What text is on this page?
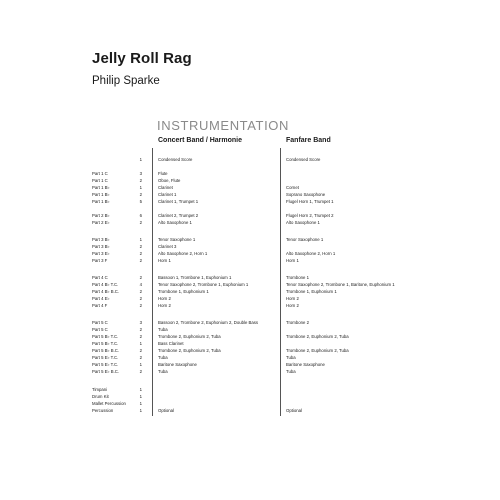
Jelly Roll Rag
Philip Sparke
INSTRUMENTATION
Concert Band / Harmonie	Fanfare Band
1	Condensed Score	Condensed Score
Part 1 C	3	Flute
Part 1 C	2	Oboe, Flute
Part 1 B♭	1	Clarinet	Cornet
Part 1 B♭	2	Clarinet 1	Soprano Saxophone
Part 1 B♭	5	Clarinet 1, Trumpet 1	Flugel Horn 1, Trumpet 1
Part 2 B♭	6	Clarinet 2, Trumpet 2	Flugel Horn 2, Trumpet 2
Part 2 E♭	2	Alto Saxophone 1	Alto Saxophone 1
Part 3 B♭	1	Tenor Saxophone 1	Tenor Saxophone 1
Part 3 B♭	2	Clarinet 3
Part 3 E♭	2	Alto Saxophone 2, Horn 1	Alto Saxophone 2, Horn 1
Part 3 F	2	Horn 1	Horn 1
Part 4 C	2	Bassoon 1, Trombone 1, Euphonium 1	Trombone 1
Part 4 B♭ T.C.	4	Tenor Saxophone 2, Trombone 1, Euphonium 1	Tenor Saxophone 2, Trombone 1, Baritone, Euphonium 1
Part 4 B♭ B.C.	2	Trombone 1, Euphonium 1	Trombone 1, Euphonium 1
Part 4 E♭	2	Horn 2	Horn 2
Part 4 F	2	Horn 2	Horn 2
Part 5 C	3	Bassoon 2, Trombone 2, Euphonium 2, Double Bass	Trombone 2
Part 5 C	2	Tuba
Part 5 B♭ T.C.	2	Trombone 2, Euphonium 2, Tuba	Trombone 2, Euphonium 2, Tuba
Part 5 B♭ T.C.	1	Bass Clarinet
Part 5 B♭ B.C.	2	Trombone 2, Euphonium 2, Tuba	Trombone 2, Euphonium 2, Tuba
Part 5 E♭ T.C.	2	Tuba	Tuba
Part 5 E♭ T.C.	1	Baritone Saxophone	Baritone Saxophone
Part 5 E♭ B.C.	2	Tuba	Tuba
Timpani	1
Drum Kit	1
Mallet Percussion	1
Percussion	1	Optional	Optional
